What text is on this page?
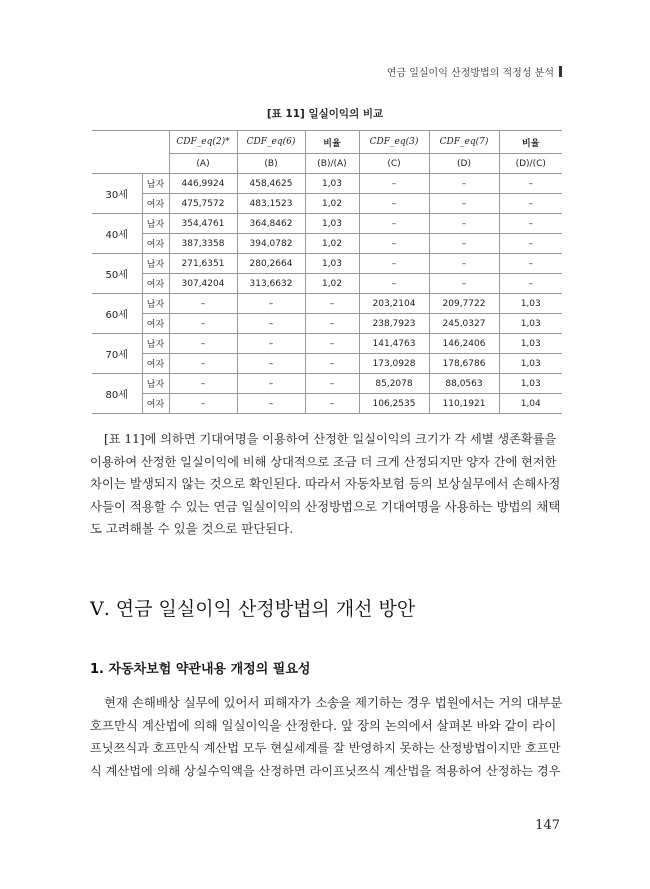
연금 일실이익 산정방법의 적정성 분석
[표 11] 일실이익의 비교
		CDF_eq(2)*	CDF_eq(6)	비율	CDF_eq(3)	CDF_eq(7)	비율
		(A)	(B)	(B)/(A)	(C)	(D)	(D)/(C)
30세	남자	446,9924	458,4625	1,03	–	–	–
	여자	475,7572	483,1523	1,02	–	–	–
40세	남자	354,4761	364,8462	1,03	–	–	–
	여자	387,3358	394,0782	1,02	–	–	–
50세	남자	271,6351	280,2664	1,03	–	–	–
	여자	307,4204	313,6632	1,02	–	–	–
60세	남자	–	–	–	203,2104	209,7722	1,03
	여자	–	–	–	238,7923	245,0327	1,03
70세	남자	–	–	–	141,4763	146,2406	1,03
	여자	–	–	–	173,0928	178,6786	1,03
80세	남자	–	–	–	85,2078	88,0563	1,03
	여자	–	–	–	106,2535	110,1921	1,04
[표 11]에 의하면 기대여명을 이용하여 산정한 일실이익의 크기가 각 세별 생존확률을
이용하여 산정한 일실이익에 비해 상대적으로 조금 더 크게 산정되지만 양자 간에 현저한
차이는 발생되지 않는 것으로 확인된다. 따라서 자동차보험 등의 보상실무에서 손해사정
사들이 적용할 수 있는 연금 일실이익의 산정방법으로 기대여명을 사용하는 방법의 채택
도 고려해볼 수 있을 것으로 판단된다.
Ⅴ. 연금 일실이익 산정방법의 개선 방안
1. 자동차보험 약관내용 개정의 필요성
현재 손해배상 실무에 있어서 피해자가 소송을 제기하는 경우 법원에서는 거의 대부분
호프만식 계산법에 의해 일실이익을 산정한다. 앞 장의 논의에서 살펴본 바와 같이 라이
프닛쯔식과 호프만식 계산법 모두 현실세계를 잘 반영하지 못하는 산정방법이지만 호프만
식 계산법에 의해 상실수익액을 산정하면 라이프닛쯔식 계산법을 적용하여 산정하는 경우
147
